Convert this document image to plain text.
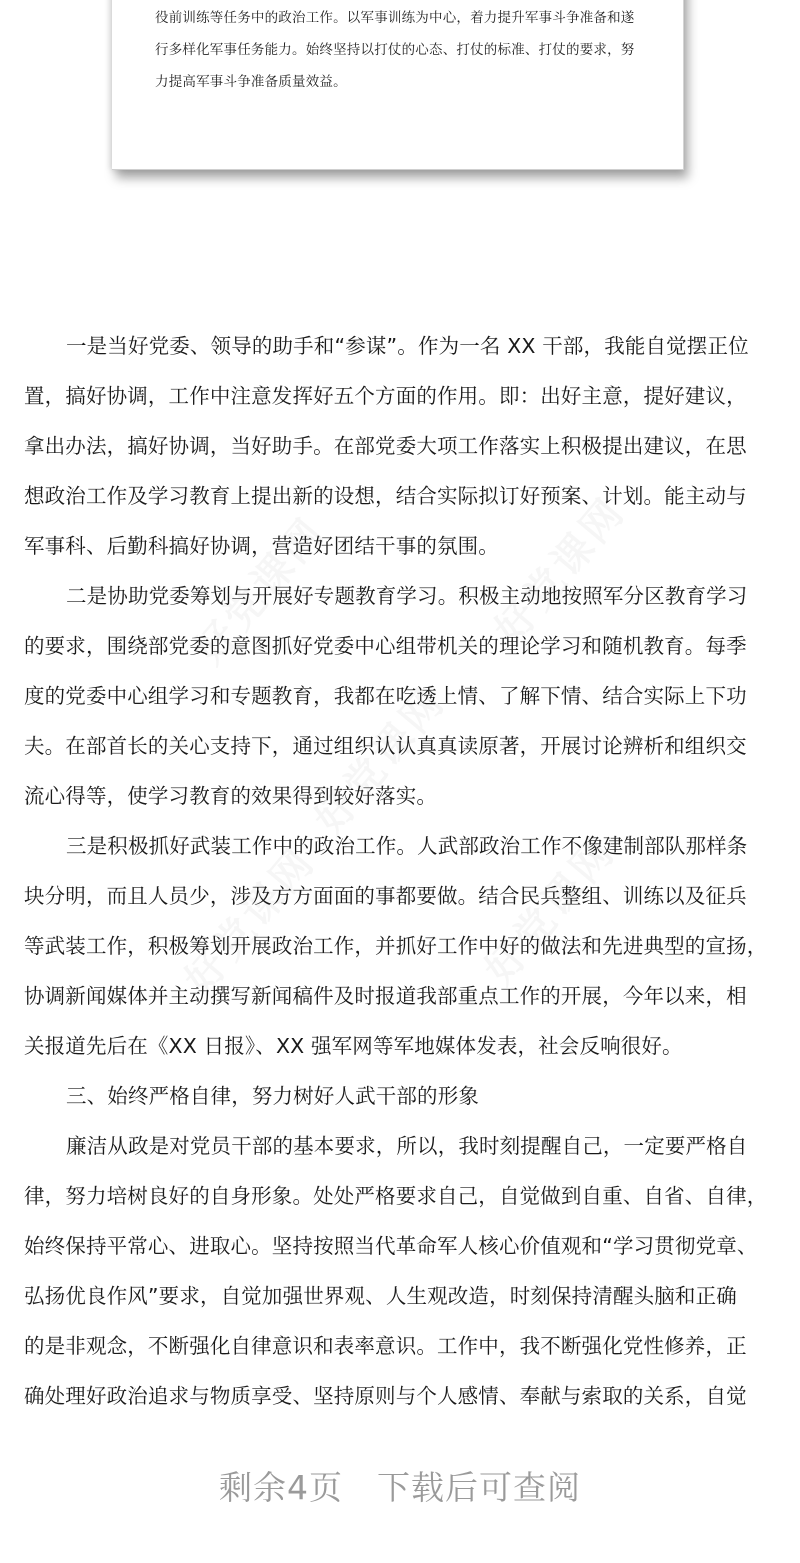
役前训练等任务中的政治工作。以军事训练为中心，着力提升军事斗争准备和遂
行多样化军事任务能力。始终坚持以打仗的心态、打仗的标准、打仗的要求，努
力提高军事斗争准备质量效益。
一是当好党委、领导的助手和“参谋”。作为一名 XX 干部，我能自觉摆正位
置，搞好协调，工作中注意发挥好五个方面的作用。即：出好主意，提好建议，
拿出办法，搞好协调，当好助手。在部党委大项工作落实上积极提出建议，在思
想政治工作及学习教育上提出新的设想，结合实际拟订好预案、计划。能主动与
军事科、后勤科搞好协调，营造好团结干事的氛围。
二是协助党委筹划与开展好专题教育学习。积极主动地按照军分区教育学习
的要求，围绕部党委的意图抓好党委中心组带机关的理论学习和随机教育。每季
度的党委中心组学习和专题教育，我都在吃透上情、了解下情、结合实际上下功
夫。在部首长的关心支持下，通过组织认认真真读原著，开展讨论辨析和组织交
流心得等，使学习教育的效果得到较好落实。
三是积极抓好武装工作中的政治工作。人武部政治工作不像建制部队那样条
块分明，而且人员少，涉及方方面面的事都要做。结合民兵整组、训练以及征兵
等武装工作，积极筹划开展政治工作，并抓好工作中好的做法和先进典型的宣扬，
协调新闻媒体并主动撰写新闻稿件及时报道我部重点工作的开展，今年以来，相
关报道先后在《XX 日报》、XX 强军网等军地媒体发表，社会反响很好。
三、始终严格自律，努力树好人武干部的形象
廉洁从政是对党员干部的基本要求，所以，我时刻提醒自己，一定要严格自
律，努力培树良好的自身形象。处处严格要求自己，自觉做到自重、自省、自律，
始终保持平常心、进取心。坚持按照当代革命军人核心价值观和“学习贯彻党章、
弘扬优良作风”要求，自觉加强世界观、人生观改造，时刻保持清醒头脑和正确
的是非观念，不断强化自律意识和表率意识。工作中，我不断强化党性修养，正
确处理好政治追求与物质享受、坚持原则与个人感情、奉献与索取的关系，自觉
剩余4页 下载后可查阅
